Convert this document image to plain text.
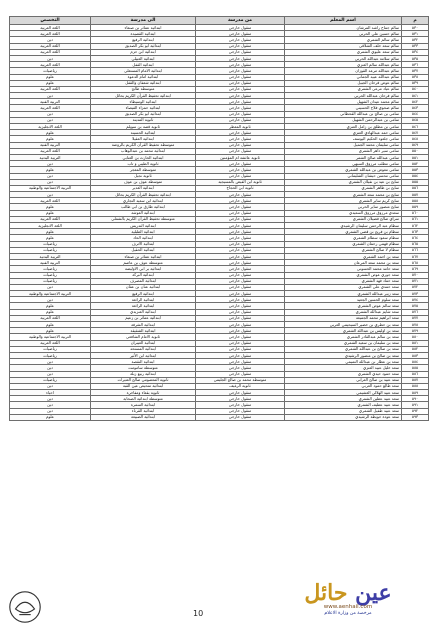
م	اسم المعلم	من مدرسة	الى مدرسة	التخصص
٥٣٠	سالم جماح راشد المرشان	منقول خارجي	ابتدائية عمائر بن صنعاء	اللغة العربية
٥٣١	سالم حسين علي الحربي	منقول خارجي	ابتدائية القصيدة	اللغة العربية
٥٣٢	سالم سالم الشمري	منقول خارجي	ابتدائية الرفيع	دين
٥٣٣	سالم سعد خلف الشلاقي	منقول خارجي	ابتدائية ابو بكر الصديق	اللغة العربية
٥٣٤	سالم سعد عليوي الشمري	منقول خارجي	ابتدائية ابن حزم	اللغة العربية
٥٣٥	سالم سلامة عبدالله الحربي	منقول خارجي	ابتدائية العبيلي	دين
٥٣٦	سالم عبدالله سالم العنزي	منقول خارجي	ابتدائية القفل	اللغة العربية
٥٣٧	سالم عبدالله مرعد القوزان	منقول خارجي	ابتدائية الامام المستعلي	رياضيات
٥٣٨	سالم عبدالله عبيد الجماني	منقول خارجي	ابتدائية امام الدعوة	علوم
٥٣٩	سالم عوض فرحان الجبيل	منقول خارجي	ابتدائية شعفان والقفل	علوم
٥٤٠	سالم عياد مرعي الشمري	منقول خارجي	متوسطة طابح	اللغة العربية
٥٤١	سالم فرحان عبدالله الحربي	منقول خارجي	ابتدائية تحفيظ القرآن الكريم بحائل	دين
٥٤٢	سالم محمد عيدان الشهيل	منقول خارجي	ابتدائية الوسيطاء	التربية الفنية
٥٤٣	سالم ضحوي فلاح الحسيني	منقول خارجي	ابتدائية حمزاء الفيصاء	اللغة العربية
٥٤٤	سامي بن صالح بن عبدالله القحطاني	منقول خارجي	ابتدائية ابو بكر الصديق	دين
٥٤٥	سامي بن عبدالرحمن الشهيل	منقول خارجي	ثانوية المدينة	دين
٥٤٦	سامي بن مطلق بن زامل العنزي	ثانوية المعظر	ثانوية قصة بن سويلم	اللغة الانجليزية
٥٤٧	سامي حمد عبدالهادي العنزي	منقول خارجي	ابتدائية الحسينة	علوم
٥٤٨	سامي جلعود الحكيم اليوسف	منقول خارجي	ابتدائية العقيلا	علوم
٥٤٩	سامي سليمان محمد الجميل	منقول خارجي	متوسطة تحفيظ القرآن الكريم بالروضة	التربية الفنية
٥٥٠	سامي سير داهر الشمري	منقول خارجي	ابتدائية محمد بن عبدالوهاب	اللغة العربية
٥٥١	سامي عبدالله صالح الشمر	ثانوية عائشة ام المؤمنين	ابتدائية الحارث بن العنابي	التربية البدنية
٥٥٢	سامي مطلب مرزوق السيهي	منقول خارجي	ثانوية الطيبي و تاب	دين
٥٥٣	سامي معوض بن عبدالله الشمري	منقول خارجي	متوسطة المعجر	علوم
٥٥٤	سامي محسن حيشان الشليماني	منقول خارجي	ثانوية نجيل	دين
٥٥٥	سايح بن عيد بن نفيلان الشمري	ثانوية ابن الفيض بالمسيجيد	متوسطة عوف بن عوف	دين
٥٥٦	سايح بن ظاهر الشمري	ثانوية ابن الحجاح	ابتدائية الغدير	التربية الاجتماعية والوطنية
٥٥٧	سايج بن محمد سعد الشمري	منقول خارجي	ابتدائية تحفيظ القرآن الكريم بحائل	دين
٥٥٨	سايح كريم ساير الشمري	منقول خارجي	ابتدائية ابن سعيد التجاري	اللغة العربية
٥٥٩	سايح منصور ساير الحربي	منقول خارجي	ابتدائية طارق بن ابي طالب	علوم
٥٦٠	سعدي مرزوق مرزوق السعيدي	منقول خارجي	ابتدائية العوشة	علوم
٥٦١	سراي صالح فضيلان الشمري	منقول خارجي	متوسطة تحفيظ القرآن الكريم بالشملي	اللغة العربية
٥٦٢	سطام عبد الرحمن سليمان الرشيدي	منقول خارجي	ابتدائية التدريس	اللغة الانجليزية
٥٦٣	سطام بن فريح بن قضي الشمري	منقول خارجي	ابتدائية الطبلية	علوم
٥٦٤	سطام سعود سطام الشمري	منقول خارجي	ابتدائية الحاد	علوم
٥٦٥	سطام فهمي رحمان الشمري	منقول خارجي	ابتدائية الاترف	رياضيات
٥٦٦	سطام لا صالح الشمري	منقول خارجي	ابتدائية الحقيل	رياضيات
٥٦٧	سعد بن احمد الشمري	منقول خارجي	ابتدائية عمائر بن صنعاء	التربية البدنية
٥٦٨	سعد بن محمد سعد المرعان	منقول خارجي	متوسطة عوف بن عاصم	التربية الفنية
٥٦٩	سعد حامد محمد الحسوني	منقول خارجي	ابتدائية بر ابي الاوليضة	رياضيات
٥٧٠	سعد جوري عوض الشمري	منقول خارجي	ابتدائية البركة	رياضيات
٥٧١	سعد حماد فهد الشمري	منقول خارجي	ابتدائية المصرف	رياضيات
٥٧٢	سعد حمدي علي الشمري	منقول خارجي	ابتدائية عنان بن عفان	دين
٥٧٣	سعد زبير عبدالله الشمري	منقول خارجي	ابتدائية الرفيع	التربية الاجتماعية والوطنية
٥٧٤	سعد سلوم الحسين الجعيد	منقول خارجي	ابتدائية الرائعة	دين
٥٧٥	سعد سالم عوض الشمري	منقول خارجي	ابتدائية الرائعة	علوم
٥٧٦	سعد شايم عبدالله الشمري	منقول خارجي	ابتدائية العنزيدي	علوم
٥٧٧	سعد ابراهيم محمد الجميعة	منقول خارجي	ابتدائية عمائر بن زعيم	اللغة العربية
٥٧٨	سعد بن حطري بن خضير السيحيمي العربي	منقول خارجي	ابتدائية الشرفة	علوم
٥٧٩	سعد بن اوليس بن عبدالله الشمري	منقول خارجي	ابتدائية الشقيقة	علوم
٥٨٠	سعد بن سالم عبدالقادر الشمري	منقول خارجي	ثانوية الامام الشافعي	التربية الاجتماعية والوطنية
٥٨١	سعد بن سليمان بن سعيد الشمري	منقول خارجي	ابتدائية العيبران	اللغة العربية
٥٨٢	سعد بن صالح بن عبدالله الشمري	منقول خارجي	ابتدائية المستحد	رياضيات
٥٨٣	سعد بن صالح بن منصور الرشيدي	منقول خارجي	ابتدائية ابن الأثير	رياضيات
٥٨٤	سعد بن عطار بن عبدالله التميمي	منقول خارجي	ابتدائية النقصة	دين
٥٨٥	سعد خليل عبيد العنزي	منقول خارجي	متوسطة سامومت	دين
٥٨٦	سعد حمود حيدي الشمري	منقول خارجي	ابتدائية ربيع زبلة	دين
٥٨٧	سعد عبيد بن صالح العرابي	متوسطة محمد بن صالح الجليمي	ثانوية المعصومي صالح العتيرات	رياضيات
٥٨٨	سعد طالع حمود العربي	ثانوية الرغيف	ابتدائية تمحيص عين القبة	دين
٥٨٩	سعد عبيد الهلالي الغشيمي	منقول خارجي	ثانوية بقعاء ومفاخرة	احياء
٥٩٠	سعد عبيد عطين الشمري	منقول خارجي	متوسطة ابتدائية الصحابة	دين
٥٩١	سعد عبيد عطيف الشمري	منقول خارجي	ابتدائية السمرة	دين
٥٩٢	سعد عبيد طفيل الشمري	منقول خارجي	ابتدائية القرناء	دين
٥٩٣	سعد عودة حويطة الرشيدي	منقول خارجي	ابتدائية الضبيعة	علوم
10
عين حائل
www.aenhail.com
مرخصة من وزارة الاعلام
